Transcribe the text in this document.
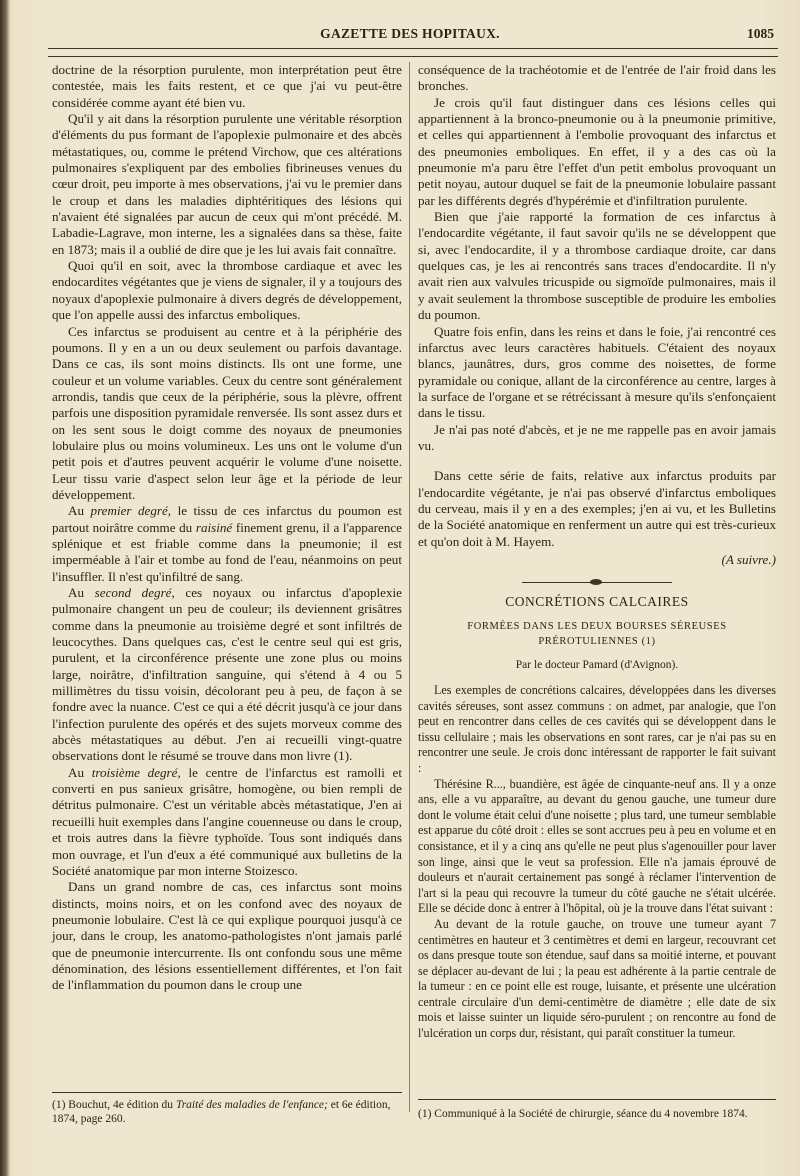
GAZETTE DES HOPITAUX.	1085

doctrine de la résorption purulente, mon interprétation peut être contestée, mais les faits restent, et ce que j'ai vu peut-être considérée comme ayant été bien vu.

Qu'il y ait dans la résorption purulente une véritable résorption d'éléments du pus formant de l'apoplexie pulmonaire et des abcès métastatiques, ou, comme le prétend Virchow, que ces altérations pulmonaires s'expliquent par des embolies fibrineuses venues du cœur droit, peu importe à mes observations, j'ai vu le premier dans le croup et dans les maladies diphtéritiques des lésions qui n'avaient été signalées par aucun de ceux qui m'ont précédé. M. Labadie-Lagrave, mon interne, les a signalées dans sa thèse, faite en 1873; mais il a oublié de dire que je les lui avais fait connaître.

Quoi qu'il en soit, avec la thrombose cardiaque et avec les endocardites végétantes que je viens de signaler, il y a toujours des noyaux d'apoplexie pulmonaire à divers degrés de développement, que l'on appelle aussi des infarctus emboliques.

Ces infarctus se produisent au centre et à la périphérie des poumons. Il y en a un ou deux seulement ou parfois davantage. Dans ce cas, ils sont moins distincts. Ils ont une forme, une couleur et un volume variables. Ceux du centre sont généralement arrondis, tandis que ceux de la périphérie, sous la plèvre, offrent parfois une disposition pyramidale renversée. Ils sont assez durs et on les sent sous le doigt comme des noyaux de pneumonies lobulaire plus ou moins volumineux. Les uns ont le volume d'un petit pois et d'autres peuvent acquérir le volume d'une noisette. Leur tissu varie d'aspect selon leur âge et la période de leur développement.

Au premier degré, le tissu de ces infarctus du poumon est partout noirâtre comme du raisiné finement grenu, il a l'apparence splénique et est friable comme dans la pneumonie; il est imperméable à l'air et tombe au fond de l'eau, néanmoins on peut l'insuffler. Il n'est qu'infiltré de sang.

Au second degré, ces noyaux ou infarctus d'apoplexie pulmonaire changent un peu de couleur; ils deviennent grisâtres comme dans la pneumonie au troisième degré et sont infiltrés de leucocythes. Dans quelques cas, c'est le centre seul qui est gris, purulent, et la circonférence présente une zone plus ou moins large, noirâtre, d'infiltration sanguine, qui s'étend à 4 ou 5 millimètres du tissu voisin, décolorant peu à peu, de façon à se fondre avec la nuance. C'est ce qui a été décrit jusqu'à ce jour dans l'infection purulente des opérés et des sujets morveux comme des abcès métastatiques au début. J'en ai recueilli vingt-quatre observations dont le résumé se trouve dans mon livre (1).

Au troisième degré, le centre de l'infarctus est ramolli et converti en pus sanieux grisâtre, homogène, ou bien rempli de détritus pulmonaire. C'est un véritable abcès métastatique, J'en ai recueilli huit exemples dans l'angine couenneuse ou dans le croup, et trois autres dans la fièvre typhoïde. Tous sont indiqués dans mon ouvrage, et l'un d'eux a été communiqué aux bulletins de la Société anatomique par mon interne Stoizesco.

Dans un grand nombre de cas, ces infarctus sont moins distincts, moins noirs, et on les confond avec des noyaux de pneumonie lobulaire. C'est là ce qui explique pourquoi jusqu'à ce jour, dans le croup, les anatomo-pathologistes n'ont jamais parlé que de pneumonie intercurrente. Ils ont confondu sous une même dénomination, des lésions essentiellement différentes, et l'on fait de l'inflammation du poumon dans le croup une

(1) Bouchut, 4e édition du Traité des maladies de l'enfance; et 6e édition, 1874, page 260.

conséquence de la trachéotomie et de l'entrée de l'air froid dans les bronches.

Je crois qu'il faut distinguer dans ces lésions celles qui appartiennent à la bronco-pneumonie ou à la pneumonie primitive, et celles qui appartiennent à l'embolie provoquant des infarctus et des pneumonies emboliques. En effet, il y a des cas où la pneumonie m'a paru être l'effet d'un petit embolus provoquant un petit noyau, autour duquel se fait de la pneumonie lobulaire passant par les différents degrés d'hypérémie et d'infiltration purulente.

Bien que j'aie rapporté la formation de ces infarctus à l'endocardite végétante, il faut savoir qu'ils ne se développent que si, avec l'endocardite, il y a thrombose cardiaque droite, car dans quelques cas, je les ai rencontrés sans traces d'endocardite. Il n'y avait rien aux valvules tricuspide ou sigmoïde pulmonaires, mais il y avait seulement la thrombose susceptible de produire les embolies du poumon.

Quatre fois enfin, dans les reins et dans le foie, j'ai rencontré ces infarctus avec leurs caractères habituels. C'étaient des noyaux blancs, jaunâtres, durs, gros comme des noisettes, de forme pyramidale ou conique, allant de la circonférence au centre, larges à la surface de l'organe et se rétrécissant à mesure qu'ils s'enfonçaient dans le tissu.

Je n'ai pas noté d'abcès, et je ne me rappelle pas en avoir jamais vu.

Dans cette série de faits, relative aux infarctus produits par l'endocardite végétante, je n'ai pas observé d'infarctus emboliques du cerveau, mais il y en a des exemples; j'en ai vu, et les Bulletins de la Société anatomique en renferment un autre qui est très-curieux et qu'on doit à M. Hayem.

(A suivre.)
CONCRÉTIONS CALCAIRES
FORMÉES DANS LES DEUX BOURSES SÉREUSES
PRÉROTULIENNES (1)
Par le docteur Pamard (d'Avignon).

Les exemples de concrétions calcaires, développées dans les diverses cavités séreuses, sont assez communs : on admet, par analogie, que l'on peut en rencontrer dans celles de ces cavités qui se développent dans le tissu cellulaire ; mais les observations en sont rares, car je n'ai pas su en rencontrer une seule. Je crois donc intéressant de rapporter le fait suivant :

Thérésine R..., buandière, est âgée de cinquante-neuf ans. Il y a onze ans, elle a vu apparaître, au devant du genou gauche, une tumeur dure dont le volume était celui d'une noisette ; plus tard, une tumeur semblable est apparue du côté droit : elles se sont accrues peu à peu en volume et en consistance, et il y a cinq ans qu'elle ne peut plus s'agenouiller pour laver son linge, ainsi que le veut sa profession. Elle n'a jamais éprouvé de douleurs et n'aurait certainement pas songé à réclamer l'intervention de l'art si la peau qui recouvre la tumeur du côté gauche ne s'était ulcérée. Elle se décide donc à entrer à l'hôpital, où je la trouve dans l'état suivant :

Au devant de la rotule gauche, on trouve une tumeur ayant 7 centimètres en hauteur et 3 centimètres et demi en largeur, recouvrant cet os dans presque toute son étendue, sauf dans sa moitié interne, et pouvant se déplacer au-devant de lui ; la peau est adhérente à la partie centrale de la tumeur : en ce point elle est rouge, luisante, et présente une ulcération centrale circulaire d'un demi-centimètre de diamètre ; elle date de six mois et laisse suinter un liquide séro-purulent ; on rencontre au fond de l'ulcération un corps dur, résistant, qui paraît constituer la tumeur.

(1) Communiqué à la Société de chirurgie, séance du 4 novembre 1874.
